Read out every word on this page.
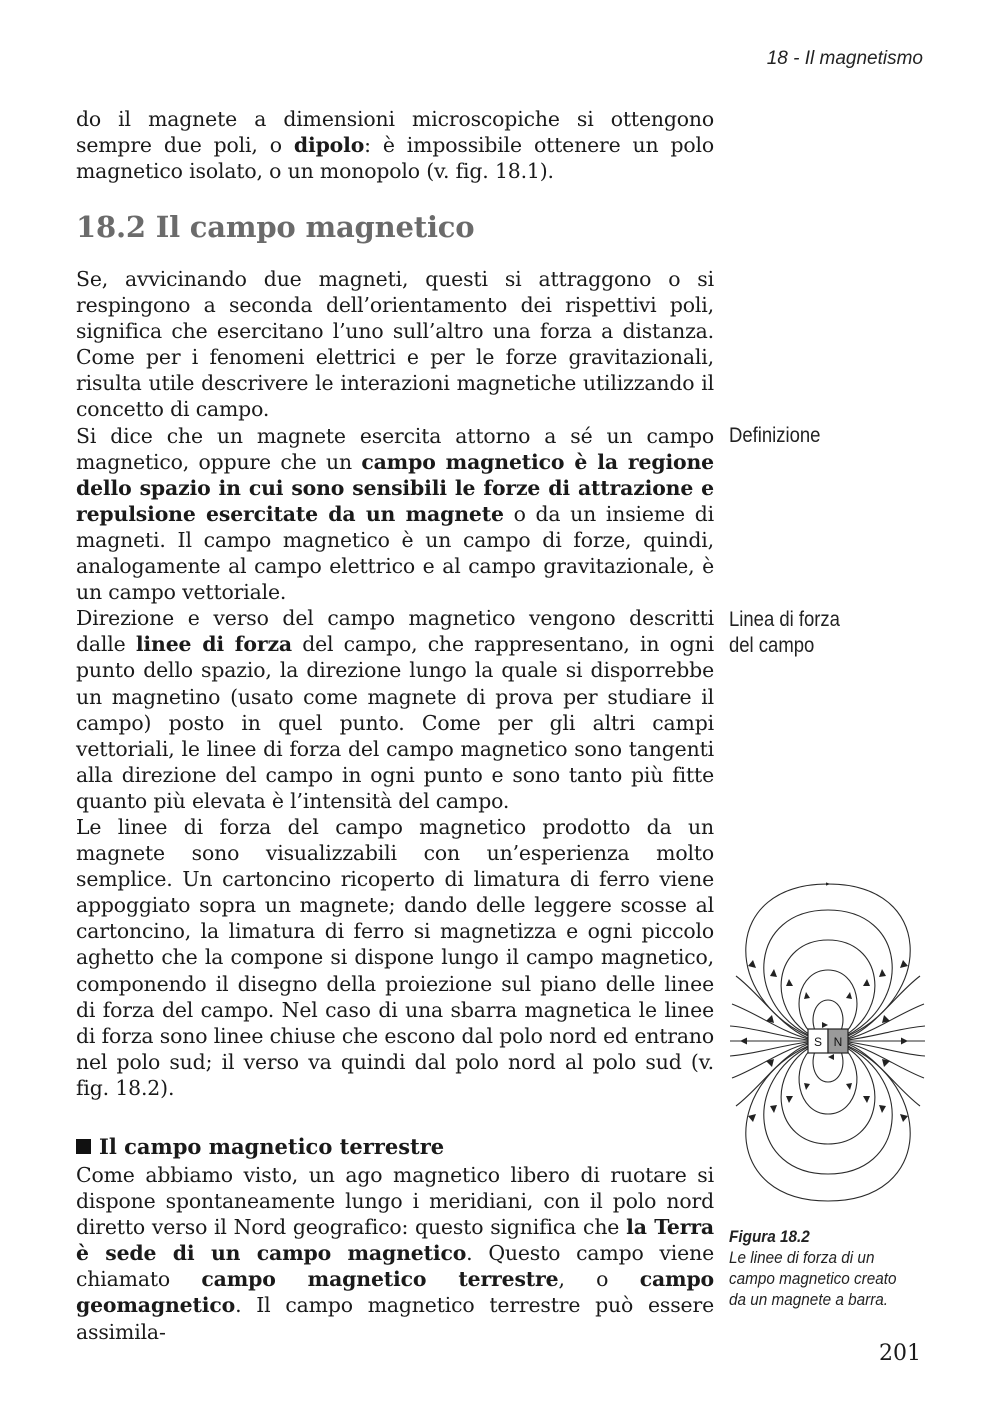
18 - Il magnetismo

do il magnete a dimensioni microscopiche si ottengono sempre due poli, o dipolo: è impossibile ottenere un polo magnetico isolato, o un monopolo (v. fig. 18.1).

18.2 Il campo magnetico

Se, avvicinando due magneti, questi si attraggono o si respingono a seconda dell’orientamento dei rispettivi poli, significa che esercitano l’uno sull’altro una forza a distanza. Come per i fenomeni elettrici e per le forze gravitazionali, risulta utile descrivere le interazioni magnetiche utilizzando il concetto di campo.

Si dice che un magnete esercita attorno a sé un campo magnetico, oppure che un campo magnetico è la regione dello spazio in cui sono sensibili le forze di attrazione e repulsione esercitate da un magnete o da un insieme di magneti. Il campo magnetico è un campo di forze, quindi, analogamente al campo elettrico e al campo gravitazionale, è un campo vettoriale.

Direzione e verso del campo magnetico vengono descritti dalle linee di forza del campo, che rappresentano, in ogni punto dello spazio, la direzione lungo la quale si disporrebbe un magnetino (usato come magnete di prova per studiare il campo) posto in quel punto. Come per gli altri campi vettoriali, le linee di forza del campo magnetico sono tangenti alla direzione del campo in ogni punto e sono tanto più fitte quanto più elevata è l’intensità del campo.

Le linee di forza del campo magnetico prodotto da un magnete sono visualizzabili con un’esperienza molto semplice. Un cartoncino ricoperto di limatura di ferro viene appoggiato sopra un magnete; dando delle leggere scosse al cartoncino, la limatura di ferro si magnetizza e ogni piccolo aghetto che la compone si dispone lungo il campo magnetico, componendo il disegno della proiezione sul piano delle linee di forza del campo. Nel caso di una sbarra magnetica le linee di forza sono linee chiuse che escono dal polo nord ed entrano nel polo sud; il verso va quindi dal polo nord al polo sud (v. fig. 18.2).

Il campo magnetico terrestre

Come abbiamo visto, un ago magnetico libero di ruotare si dispone spontaneamente lungo i meridiani, con il polo nord diretto verso il Nord geografico: questo significa che la Terra è sede di un campo magnetico. Questo campo viene chiamato campo magnetico terrestre, o campo geomagnetico. Il campo magnetico terrestre può essere assimila-

Definizione
Linea di forza
del campo
S N
Figura 18.2
Le linee di forza di un
campo magnetico creato
da un magnete a barra.
201
